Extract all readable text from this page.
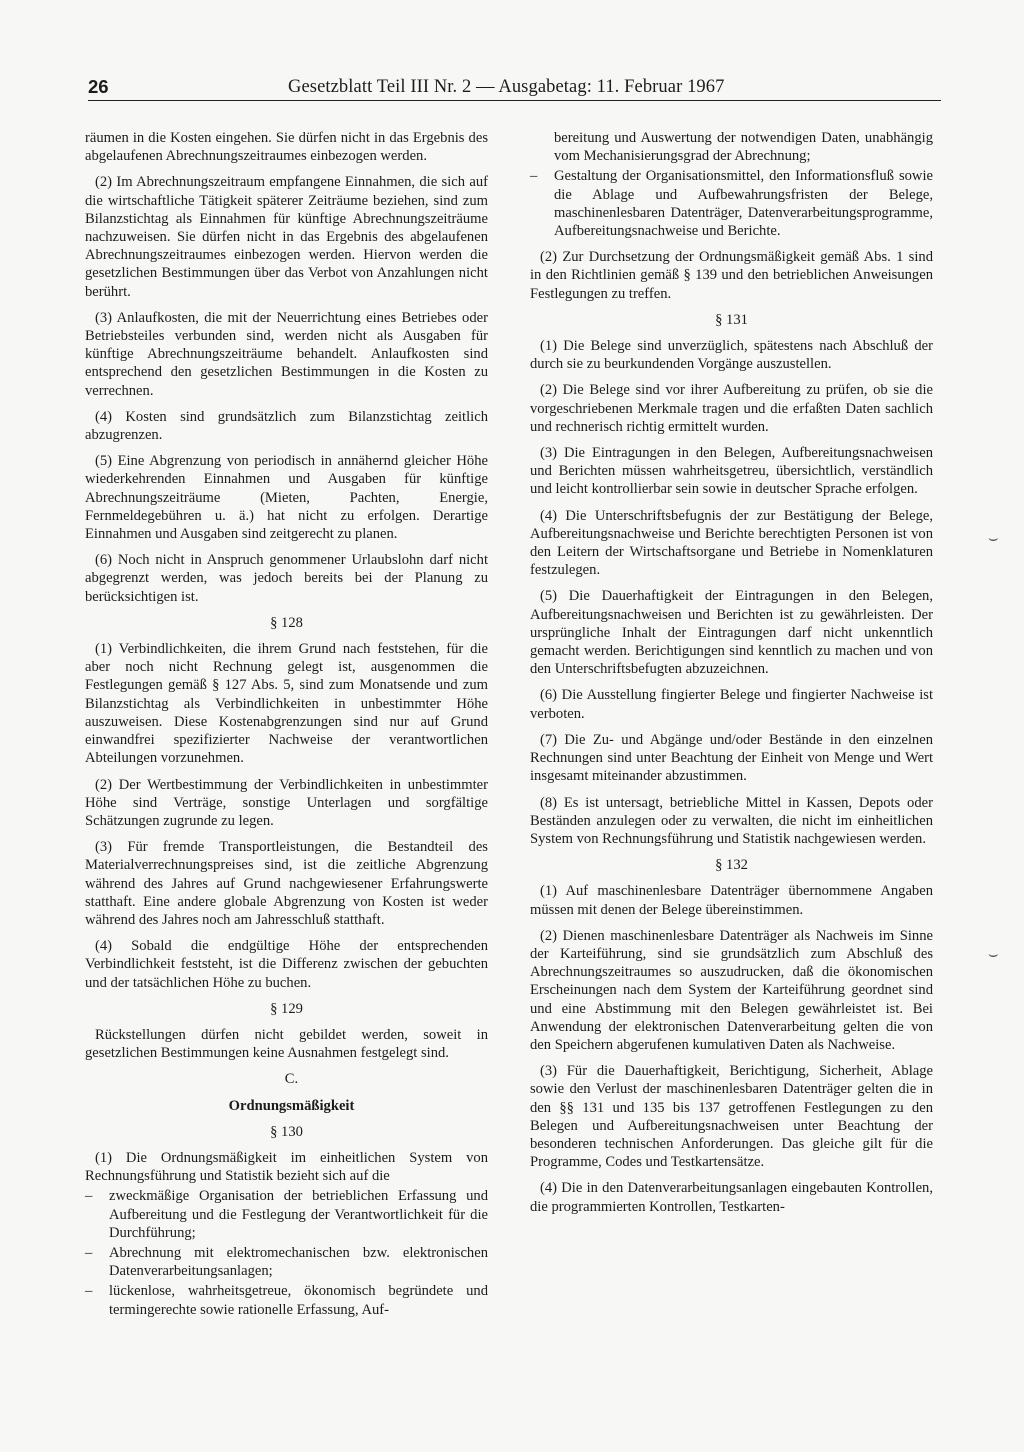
26	Gesetzblatt Teil III Nr. 2 — Ausgabetag: 11. Februar 1967

räumen in die Kosten eingehen. Sie dürfen nicht in das Ergebnis des abgelaufenen Abrechnungszeitraumes einbezogen werden.

(2) Im Abrechnungszeitraum empfangene Einnahmen, die sich auf die wirtschaftliche Tätigkeit späterer Zeiträume beziehen, sind zum Bilanzstichtag als Einnahmen für künftige Abrechnungszeiträume nachzuweisen. Sie dürfen nicht in das Ergebnis des abgelaufenen Abrechnungszeitraumes einbezogen werden. Hiervon werden die gesetzlichen Bestimmungen über das Verbot von Anzahlungen nicht berührt.

(3) Anlaufkosten, die mit der Neuerrichtung eines Betriebes oder Betriebsteiles verbunden sind, werden nicht als Ausgaben für künftige Abrechnungszeiträume behandelt. Anlaufkosten sind entsprechend den gesetzlichen Bestimmungen in die Kosten zu verrechnen.

(4) Kosten sind grundsätzlich zum Bilanzstichtag zeitlich abzugrenzen.

(5) Eine Abgrenzung von periodisch in annähernd gleicher Höhe wiederkehrenden Einnahmen und Ausgaben für künftige Abrechnungszeiträume (Mieten, Pachten, Energie, Fernmeldegebühren u. ä.) hat nicht zu erfolgen. Derartige Einnahmen und Ausgaben sind zeitgerecht zu planen.

(6) Noch nicht in Anspruch genommener Urlaubslohn darf nicht abgegrenzt werden, was jedoch bereits bei der Planung zu berücksichtigen ist.

§ 128

(1) Verbindlichkeiten, die ihrem Grund nach feststehen, für die aber noch nicht Rechnung gelegt ist, ausgenommen die Festlegungen gemäß § 127 Abs. 5, sind zum Monatsende und zum Bilanzstichtag als Verbindlichkeiten in unbestimmter Höhe auszuweisen. Diese Kostenabgrenzungen sind nur auf Grund einwandfrei spezifizierter Nachweise der verantwortlichen Abteilungen vorzunehmen.

(2) Der Wertbestimmung der Verbindlichkeiten in unbestimmter Höhe sind Verträge, sonstige Unterlagen und sorgfältige Schätzungen zugrunde zu legen.

(3) Für fremde Transportleistungen, die Bestandteil des Materialverrechnungspreises sind, ist die zeitliche Abgrenzung während des Jahres auf Grund nachgewiesener Erfahrungswerte statthaft. Eine andere globale Abgrenzung von Kosten ist weder während des Jahres noch am Jahresschluß statthaft.

(4) Sobald die endgültige Höhe der entsprechenden Verbindlichkeit feststeht, ist die Differenz zwischen der gebuchten und der tatsächlichen Höhe zu buchen.

§ 129

Rückstellungen dürfen nicht gebildet werden, soweit in gesetzlichen Bestimmungen keine Ausnahmen festgelegt sind.

C.

Ordnungsmäßigkeit

§ 130

(1) Die Ordnungsmäßigkeit im einheitlichen System von Rechnungsführung und Statistik bezieht sich auf die

– zweckmäßige Organisation der betrieblichen Erfassung und Aufbereitung und die Festlegung der Verantwortlichkeit für die Durchführung;
– Abrechnung mit elektromechanischen bzw. elektronischen Datenverarbeitungsanlagen;
– lückenlose, wahrheitsgetreue, ökonomisch begründete und termingerechte sowie rationelle Erfassung, Auf-
bereitung und Auswertung der notwendigen Daten, unabhängig vom Mechanisierungsgrad der Abrechnung;
– Gestaltung der Organisationsmittel, den Informationsfluß sowie die Ablage und Aufbewahrungsfristen der Belege, maschinenlesbaren Datenträger, Datenverarbeitungsprogramme, Aufbereitungsnachweise und Berichte.

(2) Zur Durchsetzung der Ordnungsmäßigkeit gemäß Abs. 1 sind in den Richtlinien gemäß § 139 und den betrieblichen Anweisungen Festlegungen zu treffen.

§ 131

(1) Die Belege sind unverzüglich, spätestens nach Abschluß der durch sie zu beurkundenden Vorgänge auszustellen.

(2) Die Belege sind vor ihrer Aufbereitung zu prüfen, ob sie die vorgeschriebenen Merkmale tragen und die erfaßten Daten sachlich und rechnerisch richtig ermittelt wurden.

(3) Die Eintragungen in den Belegen, Aufbereitungsnachweisen und Berichten müssen wahrheitsgetreu, übersichtlich, verständlich und leicht kontrollierbar sein sowie in deutscher Sprache erfolgen.

(4) Die Unterschriftsbefugnis der zur Bestätigung der Belege, Aufbereitungsnachweise und Berichte berechtigten Personen ist von den Leitern der Wirtschaftsorgane und Betriebe in Nomenklaturen festzulegen.

(5) Die Dauerhaftigkeit der Eintragungen in den Belegen, Aufbereitungsnachweisen und Berichten ist zu gewährleisten. Der ursprüngliche Inhalt der Eintragungen darf nicht unkenntlich gemacht werden. Berichtigungen sind kenntlich zu machen und von den Unterschriftsbefugten abzuzeichnen.

(6) Die Ausstellung fingierter Belege und fingierter Nachweise ist verboten.

(7) Die Zu- und Abgänge und/oder Bestände in den einzelnen Rechnungen sind unter Beachtung der Einheit von Menge und Wert insgesamt miteinander abzustimmen.

(8) Es ist untersagt, betriebliche Mittel in Kassen, Depots oder Beständen anzulegen oder zu verwalten, die nicht im einheitlichen System von Rechnungsführung und Statistik nachgewiesen werden.

§ 132

(1) Auf maschinenlesbare Datenträger übernommene Angaben müssen mit denen der Belege übereinstimmen.

(2) Dienen maschinenlesbare Datenträger als Nachweis im Sinne der Karteiführung, sind sie grundsätzlich zum Abschluß des Abrechnungszeitraumes so auszudrucken, daß die ökonomischen Erscheinungen nach dem System der Karteiführung geordnet sind und eine Abstimmung mit den Belegen gewährleistet ist. Bei Anwendung der elektronischen Datenverarbeitung gelten die von den Speichern abgerufenen kumulativen Daten als Nachweise.

(3) Für die Dauerhaftigkeit, Berichtigung, Sicherheit, Ablage sowie den Verlust der maschinenlesbaren Datenträger gelten die in den §§ 131 und 135 bis 137 getroffenen Festlegungen zu den Belegen und Aufbereitungsnachweisen unter Beachtung der besonderen technischen Anforderungen. Das gleiche gilt für die Programme, Codes und Testkartensätze.

(4) Die in den Datenverarbeitungsanlagen eingebauten Kontrollen, die programmierten Kontrollen, Testkarten-

⌣
⌣
